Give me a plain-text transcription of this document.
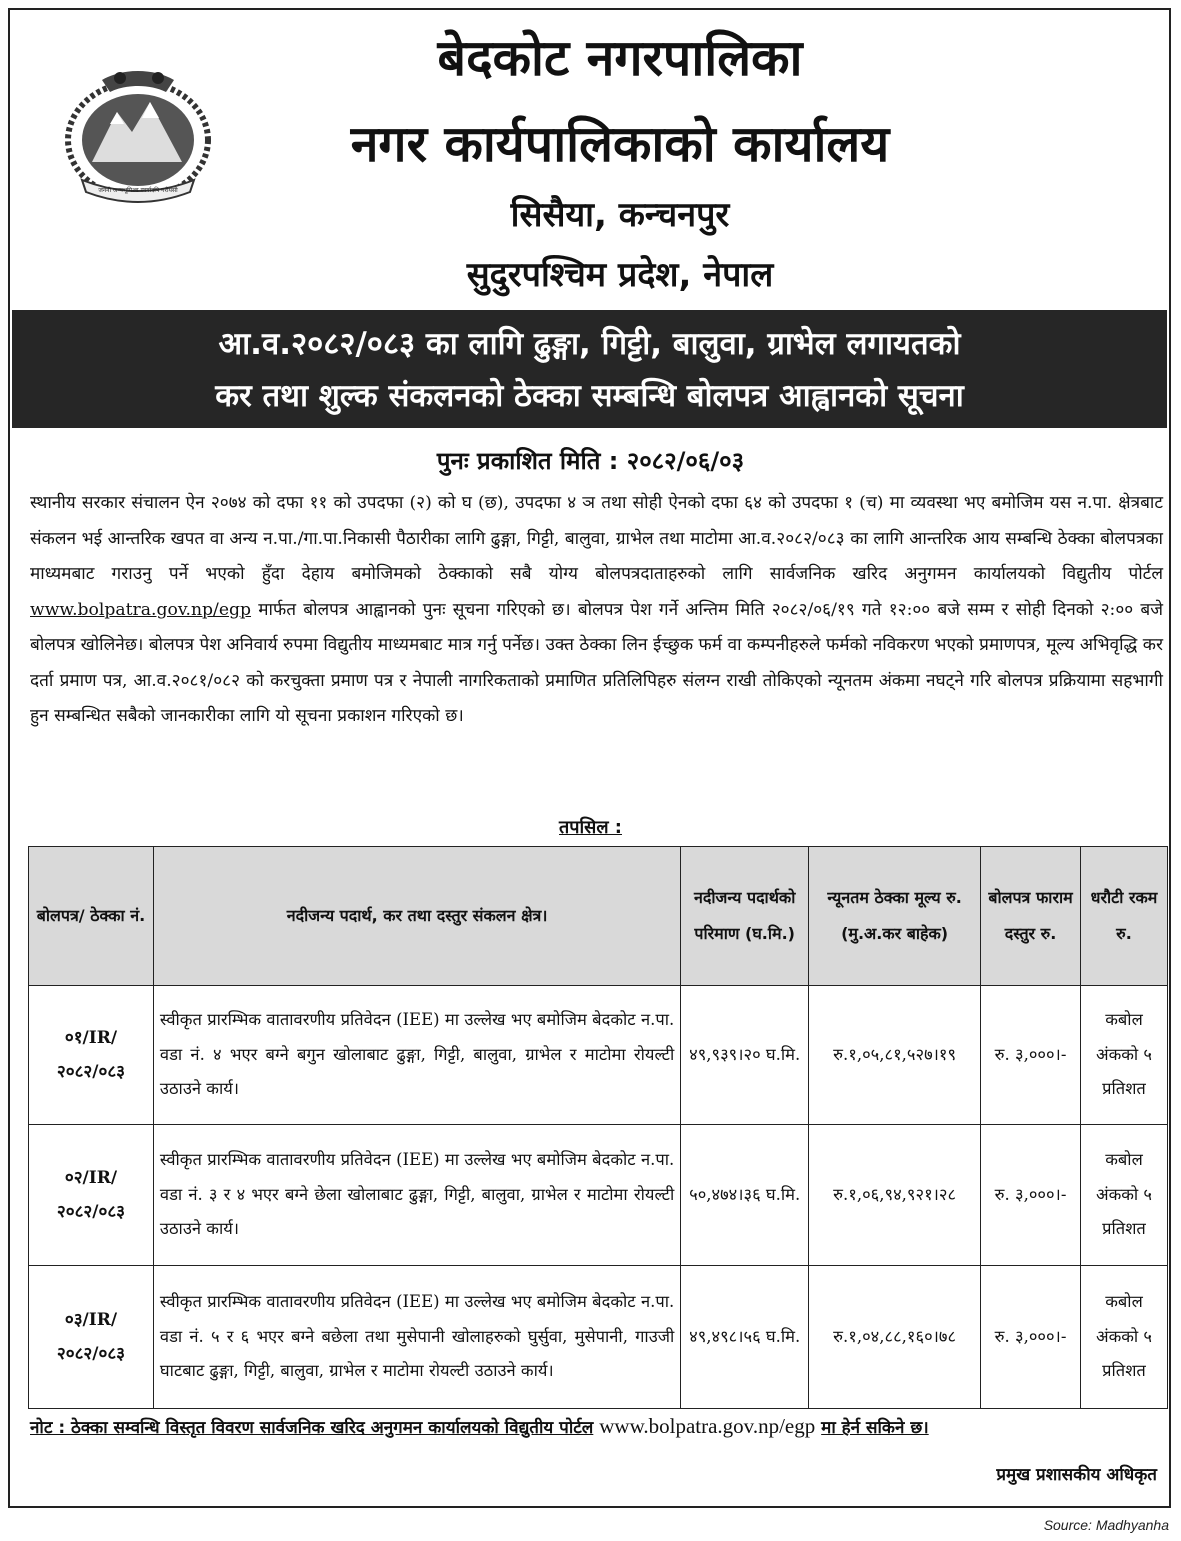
जननी जन्मभूमिश्च स्वर्गादपि गरीयसी
बेदकोट नगरपालिका
नगर कार्यपालिकाको कार्यालय
सिसैया, कन्चनपुर
सुदुरपश्चिम प्रदेश, नेपाल
आ.व.२०८२/०८३ का लागि ढुङ्गा, गिट्टी, बालुवा, ग्राभेल लगायतको
कर तथा शुल्क संकलनको ठेक्का सम्बन्धि बोलपत्र आह्वानको सूचना
पुनः प्रकाशित मिति : २०८२/०६/०३
स्थानीय सरकार संचालन ऐन २०७४ को दफा ११ को उपदफा (२) को घ (छ), उपदफा ४ ञ तथा सोही ऐनको दफा ६४ को उपदफा १ (च) मा व्यवस्था भए बमोजिम यस न.पा. क्षेत्रबाट संकलन भई आन्तरिक खपत वा अन्य न.पा./गा.पा.निकासी पैठारीका लागि ढुङ्गा, गिट्टी, बालुवा, ग्राभेल तथा माटोमा आ.व.२०८२/०८३ का लागि आन्तरिक आय सम्बन्धि ठेक्का बोलपत्रका माध्यमबाट गराउनु पर्ने भएको हुँदा देहाय बमोजिमको ठेक्काको सबै योग्य बोलपत्रदाताहरुको लागि सार्वजनिक खरिद अनुगमन कार्यालयको विद्युतीय पोर्टल www.bolpatra.gov.np/egp मार्फत बोलपत्र आह्वानको पुनः सूचना गरिएको छ। बोलपत्र पेश गर्ने अन्तिम मिति २०८२/०६/१९ गते १२:०० बजे सम्म र सोही दिनको २:०० बजे बोलपत्र खोलिनेछ। बोलपत्र पेश अनिवार्य रुपमा विद्युतीय माध्यमबाट मात्र गर्नु पर्नेछ। उक्त ठेक्का लिन ईच्छुक फर्म वा कम्पनीहरुले फर्मको नविकरण भएको प्रमाणपत्र, मूल्य अभिवृद्धि कर दर्ता प्रमाण पत्र, आ.व.२०८१/०८२ को करचुक्ता प्रमाण पत्र र नेपाली नागरिकताको प्रमाणित प्रतिलिपिहरु संलग्न राखी तोकिएको न्यूनतम अंकमा नघट्ने गरि बोलपत्र प्रक्रियामा सहभागी हुन सम्बन्धित सबैको जानकारीका लागि यो सूचना प्रकाशन गरिएको छ।
तपसिल :
बोलपत्र/ ठेक्का नं.	नदीजन्य पदार्थ, कर तथा दस्तुर संकलन क्षेत्र।	नदीजन्य पदार्थको परिमाण (घ.मि.)	न्यूनतम ठेक्का मूल्य रु. (मु.अ.कर बाहेक)	बोलपत्र फाराम दस्तुर रु.	धरौटी रकम रु.
०१/IR/ २०८२/०८३	स्वीकृत प्रारम्भिक वातावरणीय प्रतिवेदन (IEE) मा उल्लेख भए बमोजिम बेदकोट न.पा. वडा नं. ४ भएर बग्ने बगुन खोलाबाट ढुङ्गा, गिट्टी, बालुवा, ग्राभेल र माटोमा रोयल्टी उठाउने कार्य।	४९,९३९।२० घ.मि.	रु.१,०५,८१,५२७।१९	रु. ३,०००।-	कबोल अंकको ५ प्रतिशत
०२/IR/ २०८२/०८३	स्वीकृत प्रारम्भिक वातावरणीय प्रतिवेदन (IEE) मा उल्लेख भए बमोजिम बेदकोट न.पा. वडा नं. ३ र ४ भएर बग्ने छेला खोलाबाट ढुङ्गा, गिट्टी, बालुवा, ग्राभेल र माटोमा रोयल्टी उठाउने कार्य।	५०,४७४।३६ घ.मि.	रु.१,०६,९४,९२१।२८	रु. ३,०००।-	कबोल अंकको ५ प्रतिशत
०३/IR/ २०८२/०८३	स्वीकृत प्रारम्भिक वातावरणीय प्रतिवेदन (IEE) मा उल्लेख भए बमोजिम बेदकोट न.पा. वडा नं. ५ र ६ भएर बग्ने बछेला तथा मुसेपानी खोलाहरुको घुर्सुवा, मुसेपानी, गाउजी घाटबाट ढुङ्गा, गिट्टी, बालुवा, ग्राभेल र माटोमा रोयल्टी उठाउने कार्य।	४९,४९८।५६ घ.मि.	रु.१,०४,८८,१६०।७८	रु. ३,०००।-	कबोल अंकको ५ प्रतिशत
नोट : ठेक्का सम्वन्धि विस्तृत विवरण सार्वजनिक खरिद अनुगमन कार्यालयको विद्युतीय पोर्टल www.bolpatra.gov.np/egp मा हेर्न सकिने छ।
प्रमुख प्रशासकीय अधिकृत
Source: Madhyanha
